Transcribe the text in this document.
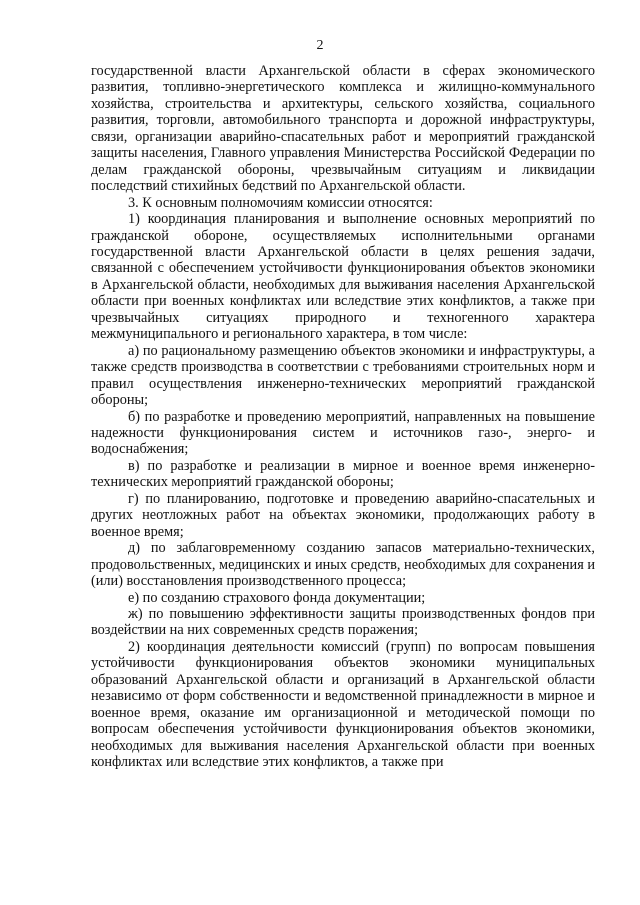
2

государственной власти Архангельской области в сферах экономического развития, топливно-энергетического комплекса и жилищно-коммунального хозяйства, строительства и архитектуры, сельского хозяйства, социального развития, торговли, автомобильного транспорта и дорожной инфраструктуры, связи, организации аварийно-спасательных работ и мероприятий гражданской защиты населения, Главного управления Министерства Российской Федерации по делам гражданской обороны, чрезвычайным ситуациям и ликвидации последствий стихийных бедствий по Архангельской области.

3. К основным полномочиям комиссии относятся:

1) координация планирования и выполнение основных мероприятий по гражданской обороне, осуществляемых исполнительными органами государственной власти Архангельской области в целях решения задачи, связанной с обеспечением устойчивости функционирования объектов экономики в Архангельской области, необходимых для выживания населения Архангельской области при военных конфликтах или вследствие этих конфликтов, а также при чрезвычайных ситуациях природного и техногенного характера межмуниципального и регионального характера, в том числе:

а) по рациональному размещению объектов экономики и инфраструктуры, а также средств производства в соответствии с требованиями строительных норм и правил осуществления инженерно-технических мероприятий гражданской обороны;

б) по разработке и проведению мероприятий, направленных на повышение надежности функционирования систем и источников газо-, энерго- и водоснабжения;

в) по разработке и реализации в мирное и военное время инженерно-технических мероприятий гражданской обороны;

г) по планированию, подготовке и проведению аварийно-спасательных и других неотложных работ на объектах экономики, продолжающих работу в военное время;

д) по заблаговременному созданию запасов материально-технических, продовольственных, медицинских и иных средств, необходимых для сохранения и (или) восстановления производственного процесса;

е) по созданию страхового фонда документации;

ж) по повышению эффективности защиты производственных фондов при воздействии на них современных средств поражения;

2) координация деятельности комиссий (групп) по вопросам повышения устойчивости функционирования объектов экономики муниципальных образований Архангельской области и организаций в Архангельской области независимо от форм собственности и ведомственной принадлежности в мирное и военное время, оказание им организационной и методической помощи по вопросам обеспечения устойчивости функционирования объектов экономики, необходимых для выживания населения Архангельской области при военных конфликтах или вследствие этих конфликтов, а также при
